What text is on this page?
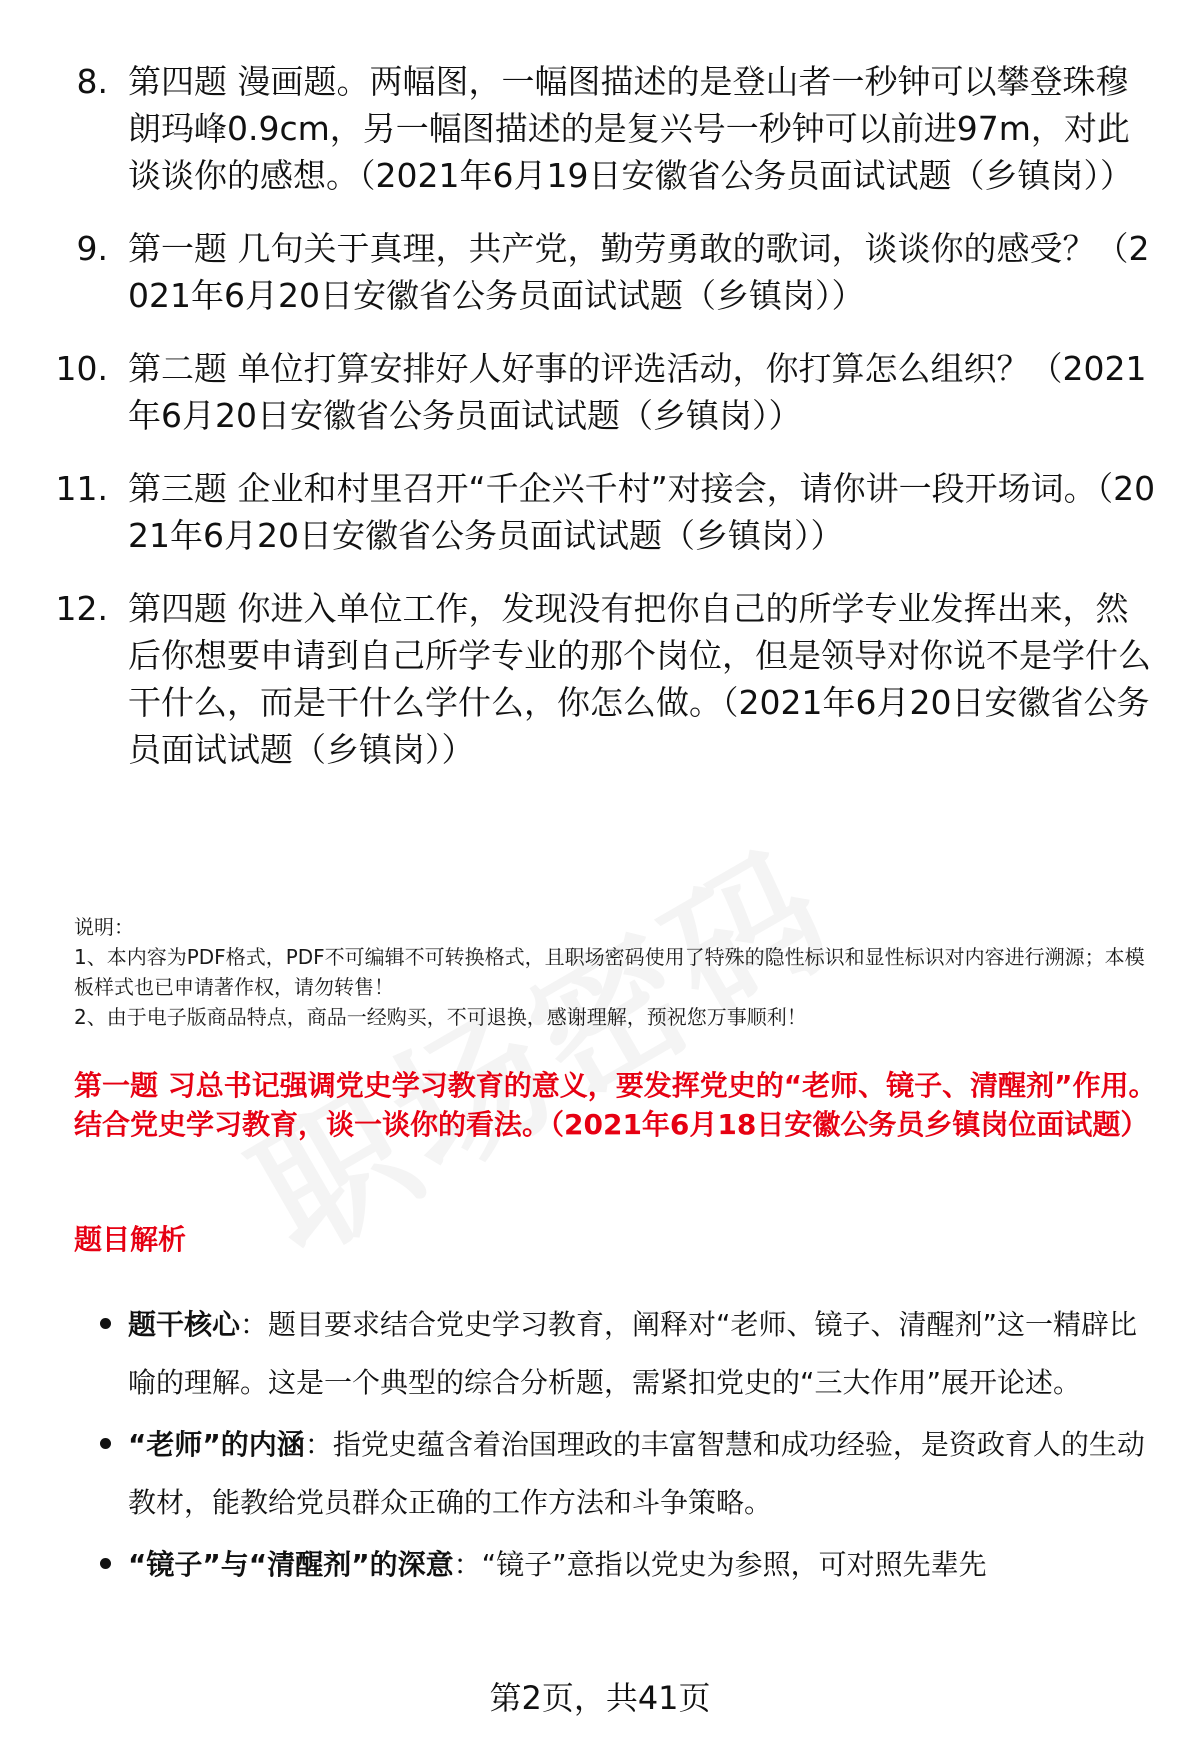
8. 第四题 漫画题。两幅图，一幅图描述的是登山者一秒钟可以攀登珠穆朗玛峰0.9cm，另一幅图描述的是复兴号一秒钟可以前进97m，对此谈谈你的感想。（2021年6月19日安徽省公务员面试试题（乡镇岗））
9. 第一题 几句关于真理，共产党，勤劳勇敢的歌词，谈谈你的感受？（2021年6月20日安徽省公务员面试试题（乡镇岗））
10. 第二题 单位打算安排好人好事的评选活动，你打算怎么组织？（2021年6月20日安徽省公务员面试试题（乡镇岗））
11. 第三题 企业和村里召开“千企兴千村”对接会，请你讲一段开场词。（2021年6月20日安徽省公务员面试试题（乡镇岗））
12. 第四题 你进入单位工作，发现没有把你自己的所学专业发挥出来，然后你想要申请到自己所学专业的那个岗位，但是领导对你说不是学什么干什么，而是干什么学什么，你怎么做。（2021年6月20日安徽省公务员面试试题（乡镇岗））
说明：
1、本内容为PDF格式，PDF不可编辑不可转换格式，且职场密码使用了特殊的隐性标识和显性标识对内容进行溯源；本模板样式也已申请著作权，请勿转售！
2、由于电子版商品特点，商品一经购买，不可退换，感谢理解，预祝您万事顺利！
第一题 习总书记强调党史学习教育的意义，要发挥党史的“老师、镜子、清醒剂”作用。结合党史学习教育，谈一谈你的看法。（2021年6月18日安徽公务员乡镇岗位面试题）
题目解析
题干核心：题目要求结合党史学习教育，阐释对“老师、镜子、清醒剂”这一精辟比喻的理解。这是一个典型的综合分析题，需紧扣党史的“三大作用”展开论述。
“老师”的内涵：指党史蕴含着治国理政的丰富智慧和成功经验，是资政育人的生动教材，能教给党员群众正确的工作方法和斗争策略。
“镜子”与“清醒剂”的深意：“镜子”意指以党史为参照，可对照先辈先
第2页，共41页
